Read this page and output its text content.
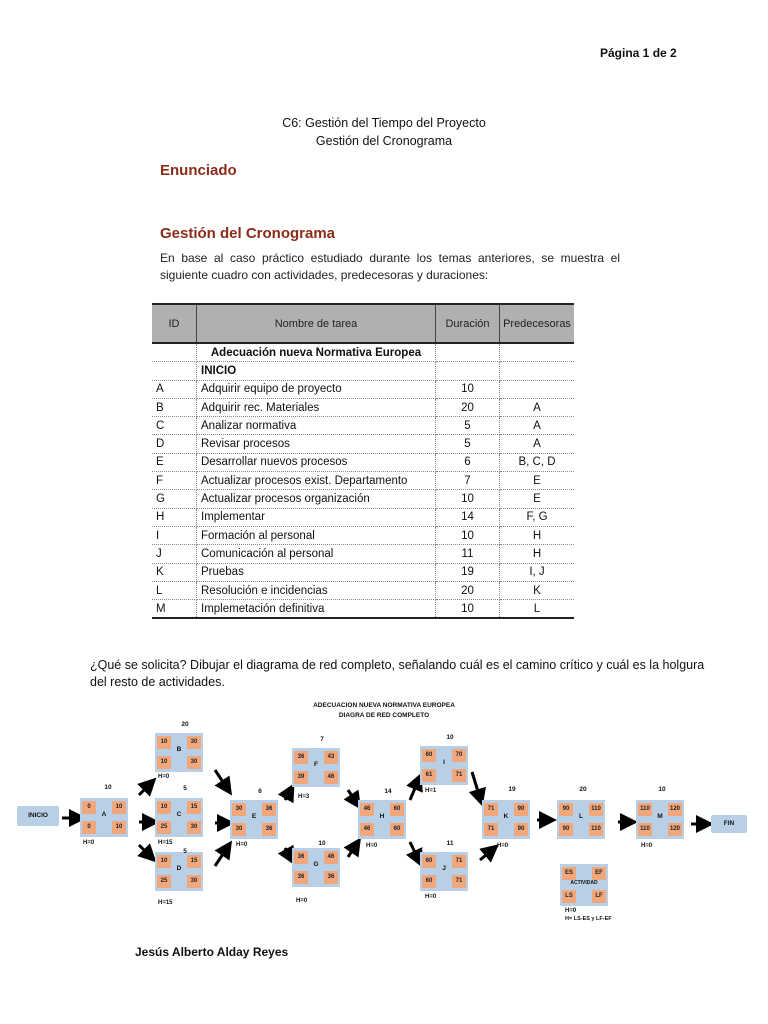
Página 1 de 2
C6: Gestión del Tiempo del Proyecto
Gestión del Cronograma
Enunciado
Gestión del Cronograma
En base al caso práctico estudiado durante los temas anteriores, se muestra el siguiente cuadro con actividades, predecesoras y duraciones:
ID	Nombre de tarea	Duración	Predecesoras
	Adecuación nueva Normativa Europea		
	INICIO		
A	Adquirir equipo de proyecto	10	
B	Adquirir rec. Materiales	20	A
C	Analizar normativa	5	A
D	Revisar procesos	5	A
E	Desarrollar nuevos procesos	6	B, C, D
F	Actualizar procesos exist. Departamento	7	E
G	Actualizar procesos organización	10	E
H	Implementar	14	F, G
I	Formación al personal	10	H
J	Comunicación al personal	11	H
K	Pruebas	19	I, J
L	Resolución e incidencias	20	K
M	Implemetación definitiva	10	L
¿Qué se solicita? Dibujar el diagrama de red completo, señalando cuál es el camino crítico y cuál es la holgura del resto de actividades.
ADECUACION NUEVA NORMATIVA EUROPEA
DIAGRA DE RED COMPLETO
INICIO
FIN
0	10
0	10
A
10
H=0
10	30
10	30
B
20
H=0
10	15
25	30
C
5
H=15
10	15
25	30
D
5
H=15
30	36
30	36
E
6
H=0
36	43
39	46
F
7
H=3
36	46
36	36
G
10
H=0
46	60
46	60
H
14
H=0
60	70
61	71
I
10
H=1
60	71
60	71
J
11
H=0
71	90
71	90
K
19
H=0
90	110
90	110
L
20
110	120
110	120
M
10
H=0
ES	EF
ACTIVIDAD
LS	LF
H=0
H= LS-ES y LF-EF
Jesús Alberto Alday Reyes
